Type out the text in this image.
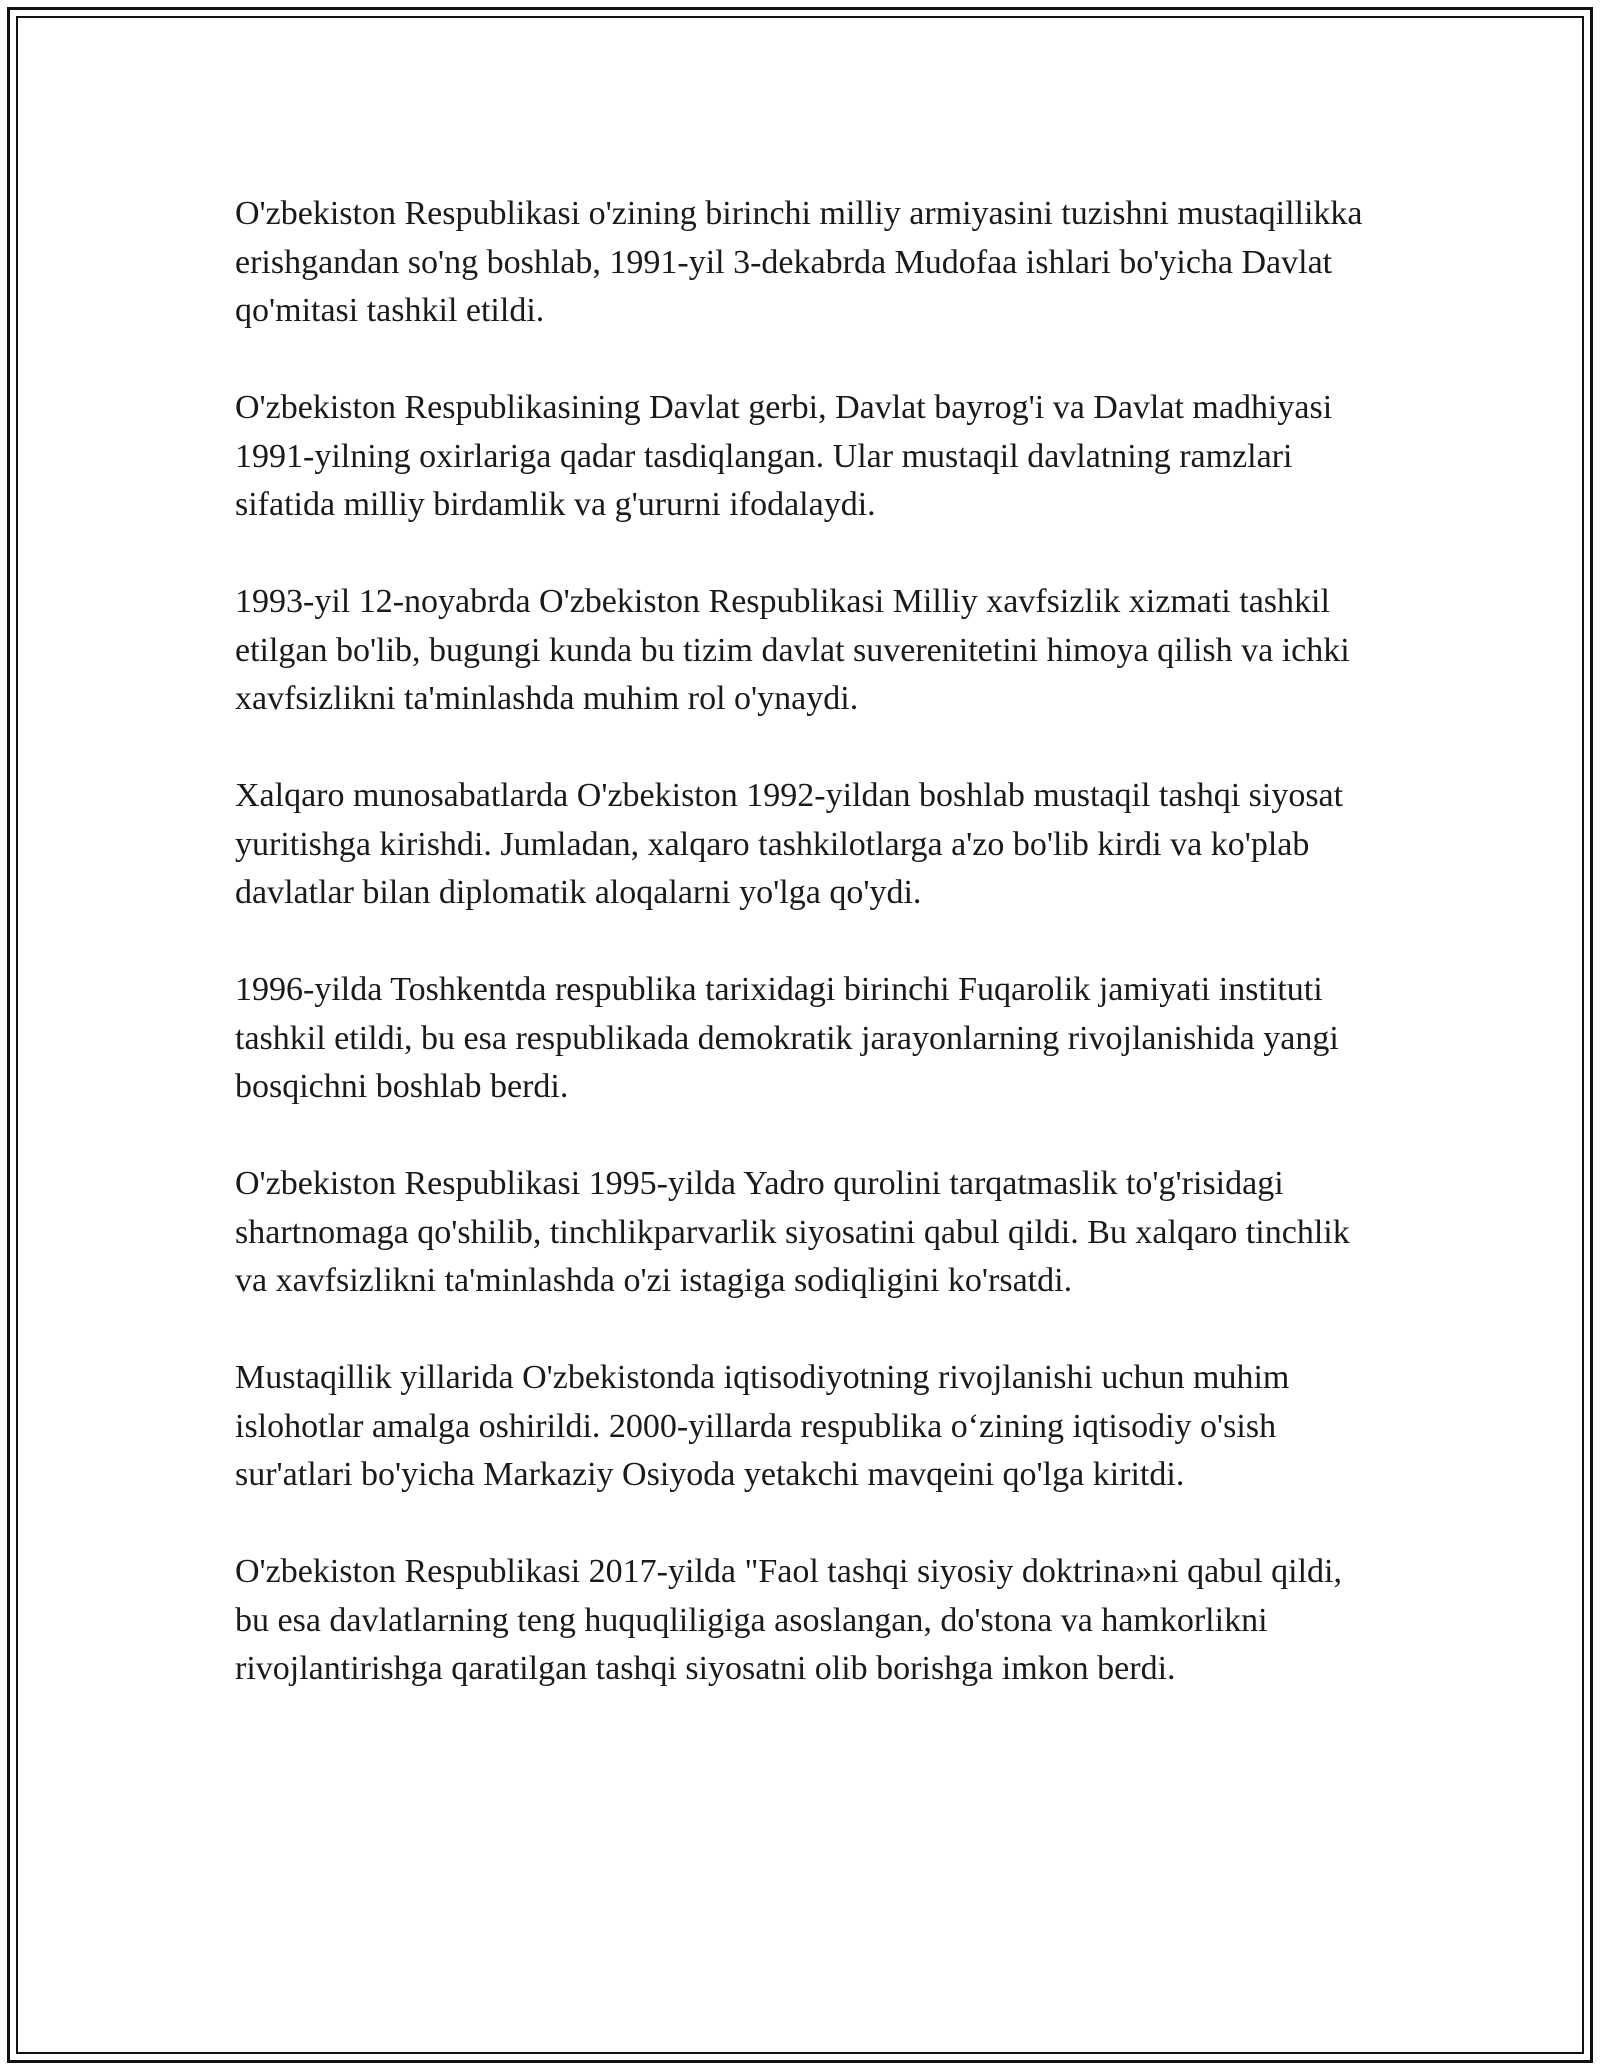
O'zbekiston Respublikasi o'zining birinchi milliy armiyasini tuzishni mustaqillikka erishgandan so'ng boshlab, 1991-yil 3-dekabrda Mudofaa ishlari bo'yicha Davlat qo'mitasi tashkil etildi.

O'zbekiston Respublikasining Davlat gerbi, Davlat bayrog'i va Davlat madhiyasi 1991-yilning oxirlariga qadar tasdiqlangan. Ular mustaqil davlatning ramzlari sifatida milliy birdamlik va g'ururni ifodalaydi.

1993-yil 12-noyabrda O'zbekiston Respublikasi Milliy xavfsizlik xizmati tashkil etilgan bo'lib, bugungi kunda bu tizim davlat suverenitetini himoya qilish va ichki xavfsizlikni ta'minlashda muhim rol o'ynaydi.

Xalqaro munosabatlarda O'zbekiston 1992-yildan boshlab mustaqil tashqi siyosat yuritishga kirishdi. Jumladan, xalqaro tashkilotlarga a'zo bo'lib kirdi va ko'plab davlatlar bilan diplomatik aloqalarni yo'lga qo'ydi.

1996-yilda Toshkentda respublika tarixidagi birinchi Fuqarolik jamiyati instituti tashkil etildi, bu esa respublikada demokratik jarayonlarning rivojlanishida yangi bosqichni boshlab berdi.

O'zbekiston Respublikasi 1995-yilda Yadro qurolini tarqatmaslik to'g'risidagi shartnomaga qo'shilib, tinchlikparvarlik siyosatini qabul qildi. Bu xalqaro tinchlik va xavfsizlikni ta'minlashda o'zi istagiga sodiqligini ko'rsatdi.

Mustaqillik yillarida O'zbekistonda iqtisodiyotning rivojlanishi uchun muhim islohotlar amalga oshirildi. 2000-yillarda respublika o‘zining iqtisodiy o'sish sur'atlari bo'yicha Markaziy Osiyoda yetakchi mavqeini qo'lga kiritdi.

O'zbekiston Respublikasi 2017-yilda "Faol tashqi siyosiy doktrina»ni qabul qildi, bu esa davlatlarning teng huquqliligiga asoslangan, do'stona va hamkorlikni rivojlantirishga qaratilgan tashqi siyosatni olib borishga imkon berdi.
